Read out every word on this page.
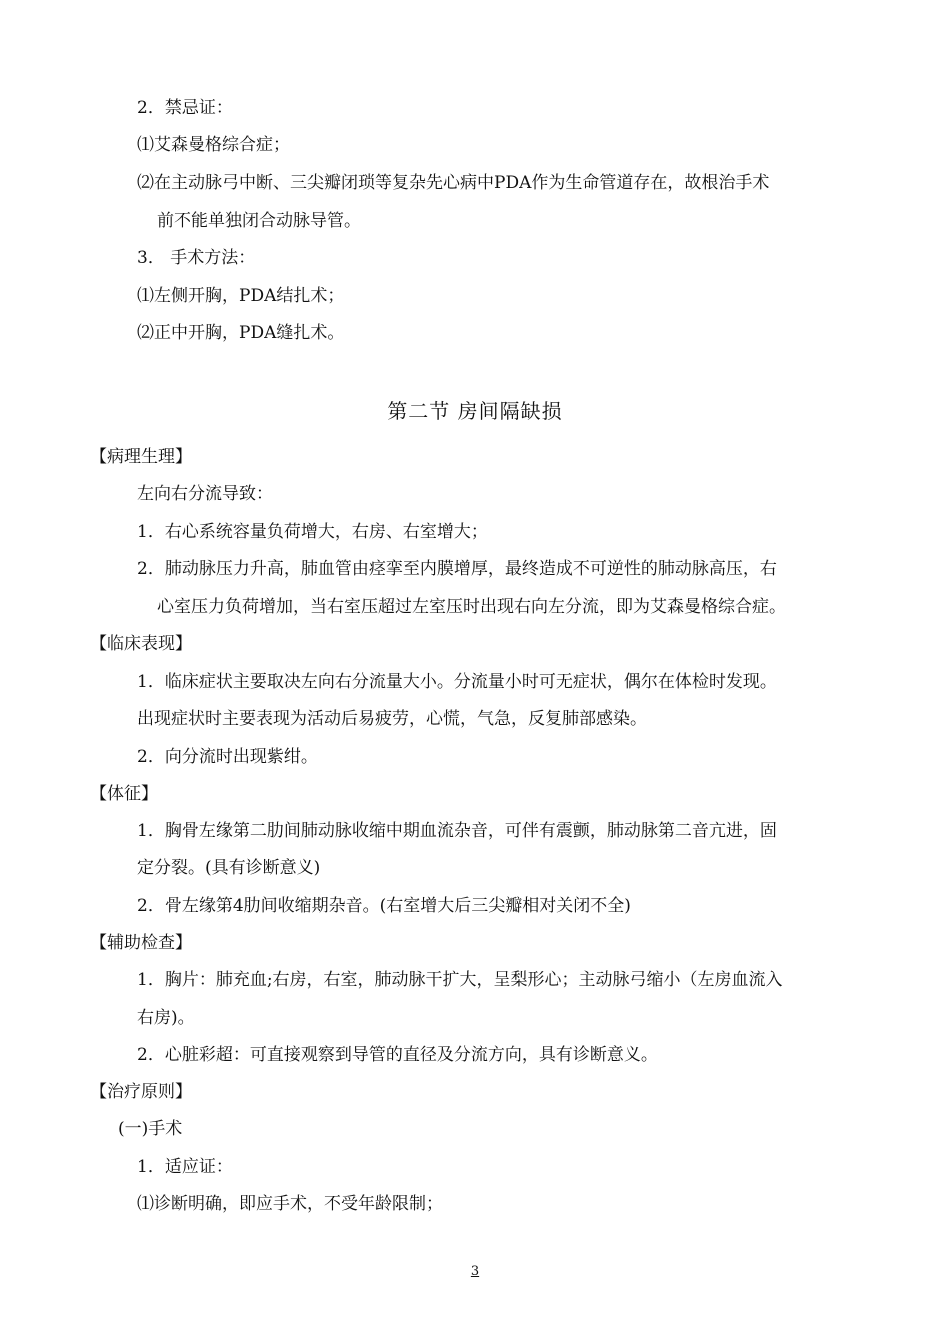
2．禁忌证：
⑴艾森曼格综合症；
⑵在主动脉弓中断、三尖瓣闭琐等复杂先心病中PDA作为生命管道存在，故根治手术
前不能单独闭合动脉导管。
3． 手术方法：
⑴左侧开胸，PDA结扎术；
⑵正中开胸，PDA缝扎术。
第二节 房间隔缺损
【病理生理】
左向右分流导致：
1．右心系统容量负荷增大，右房、右室增大；
2．肺动脉压力升高，肺血管由痉挛至内膜增厚，最终造成不可逆性的肺动脉高压，右
心室压力负荷增加，当右室压超过左室压时出现右向左分流，即为艾森曼格综合症。
【临床表现】
1．临床症状主要取决左向右分流量大小。分流量小时可无症状，偶尔在体检时发现。
出现症状时主要表现为活动后易疲劳，心慌，气急，反复肺部感染。
2．向分流时出现紫绀。
【体征】
1．胸骨左缘第二肋间肺动脉收缩中期血流杂音，可伴有震颤，肺动脉第二音亢进，固
定分裂。(具有诊断意义)
2．骨左缘第4肋间收缩期杂音。(右室增大后三尖瓣相对关闭不全)
【辅助检查】
1．胸片：肺充血;右房，右室，肺动脉干扩大，呈梨形心；主动脉弓缩小（左房血流入
右房)。
2．心脏彩超：可直接观察到导管的直径及分流方向，具有诊断意义。
【治疗原则】
(一)手术
1．适应证：
⑴诊断明确，即应手术，不受年龄限制；
3
